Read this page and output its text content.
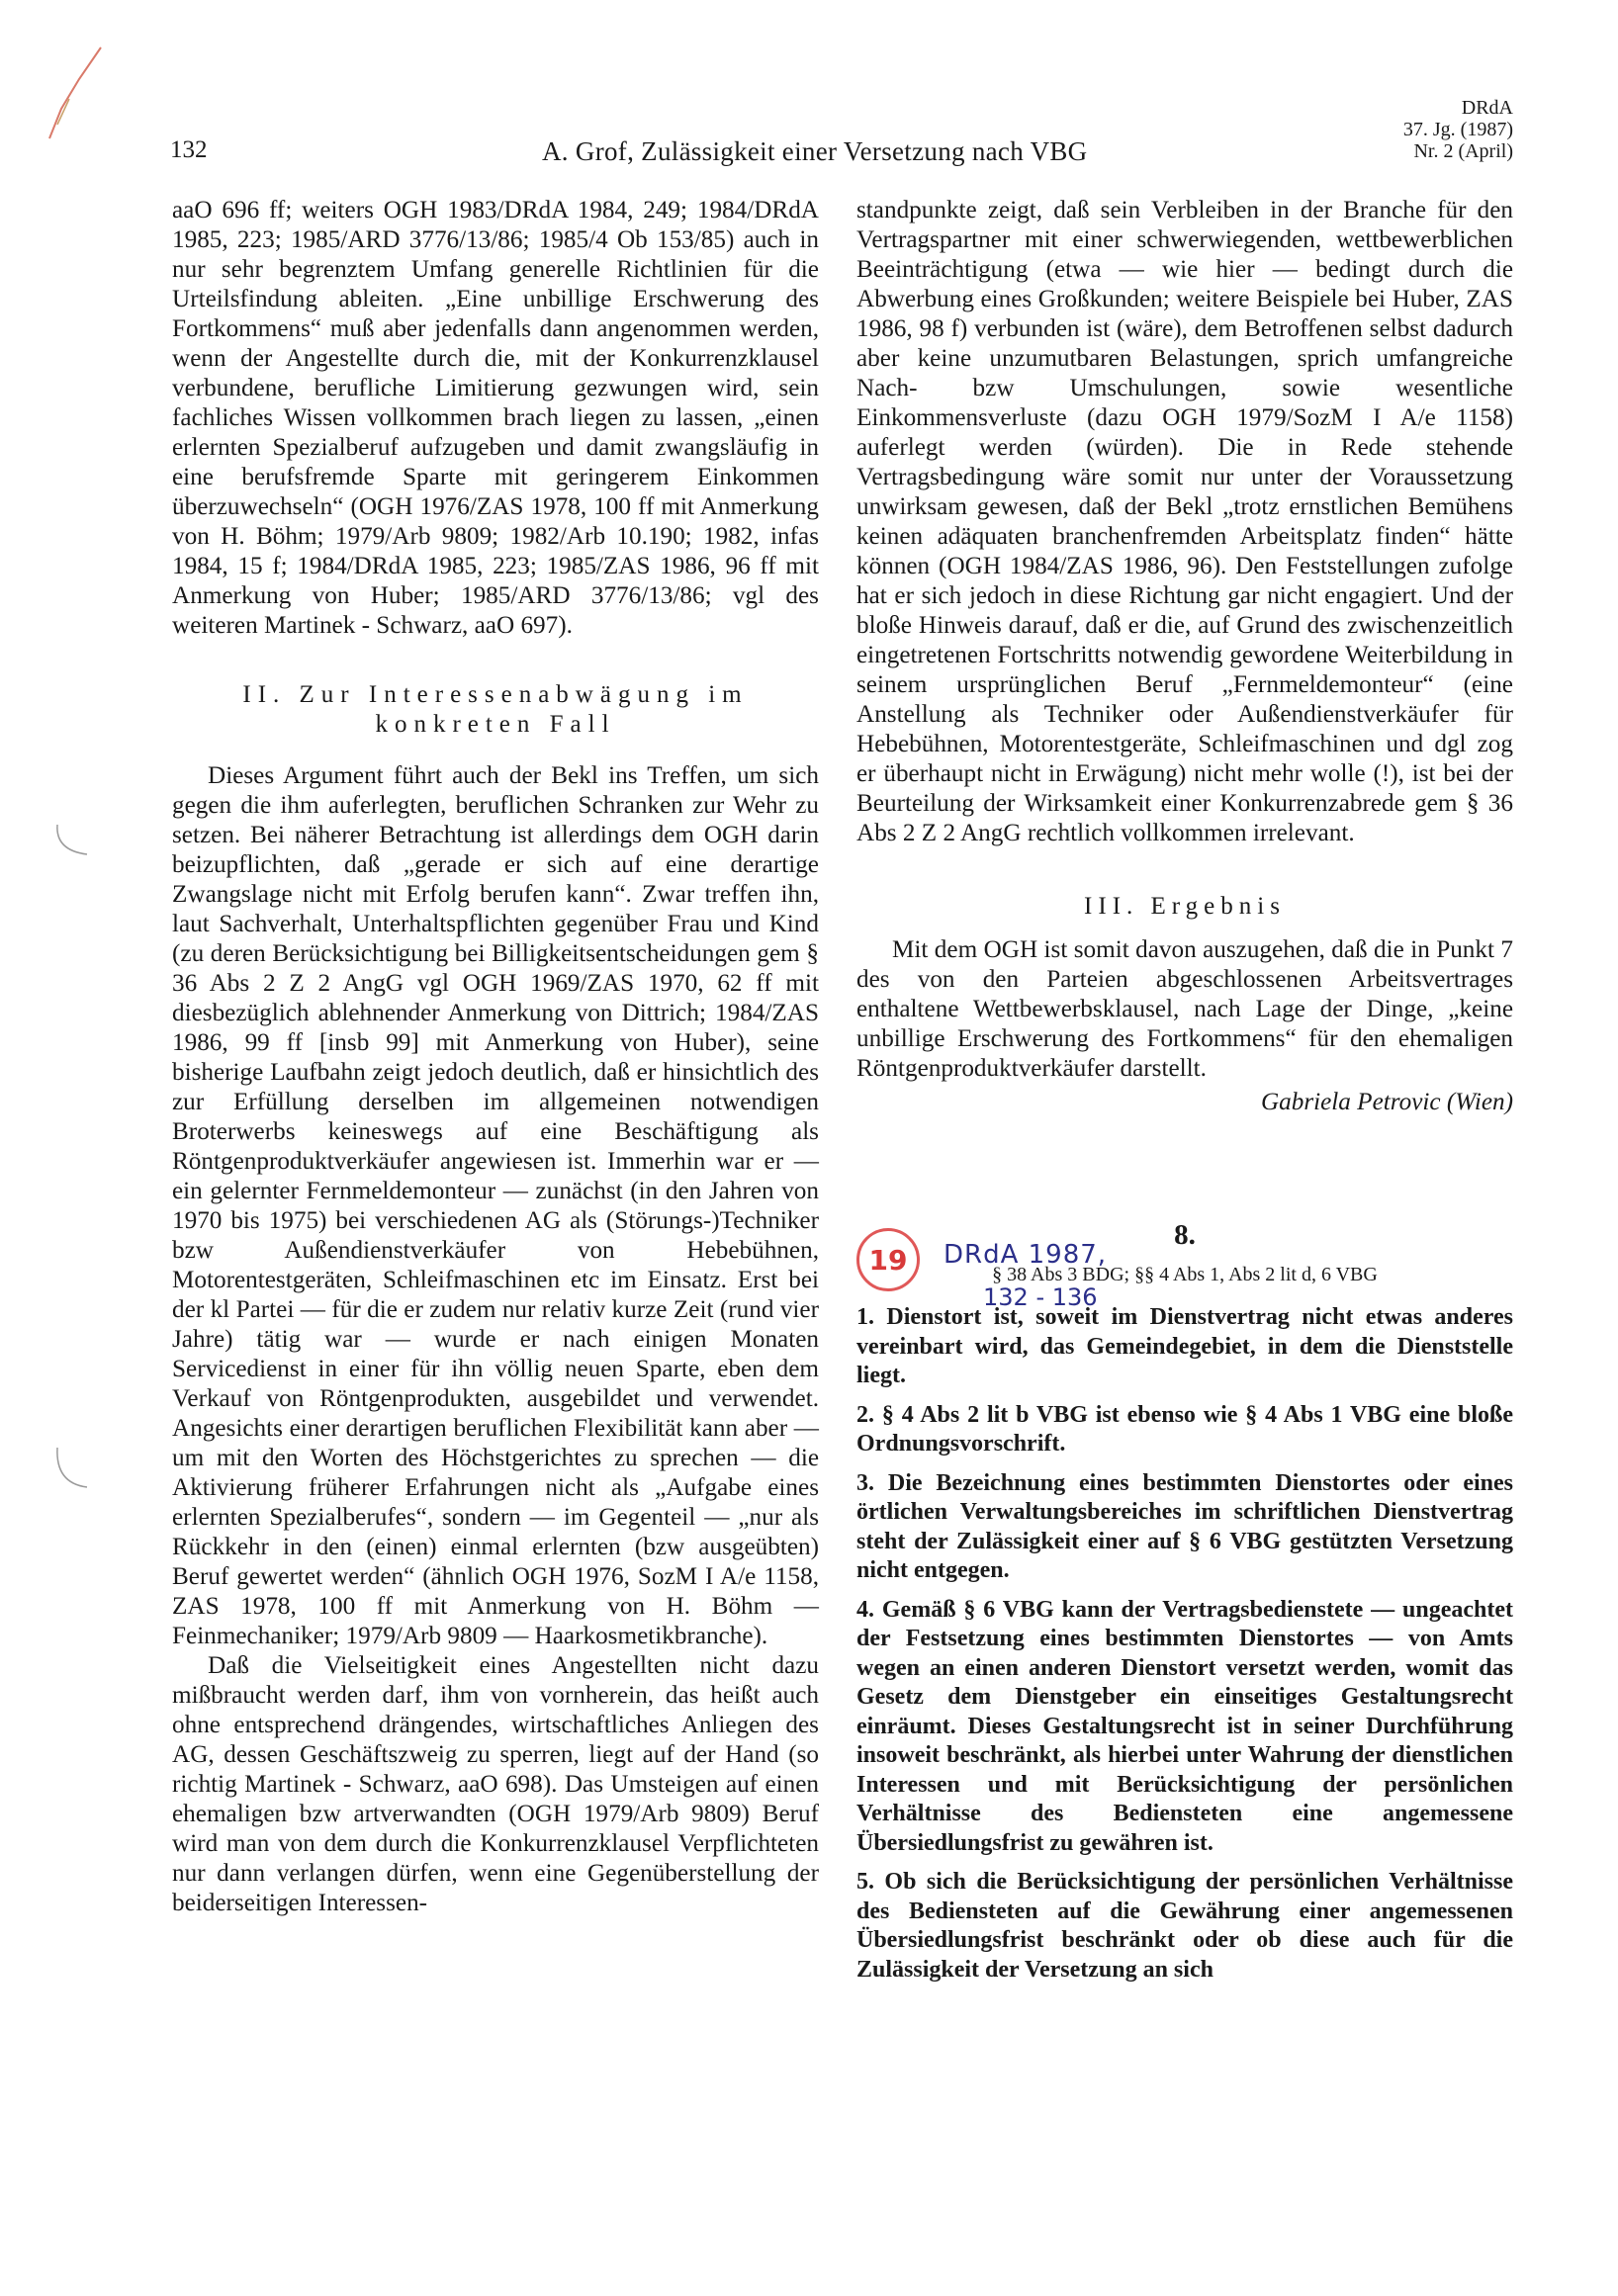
132	A. Grof, Zulässigkeit einer Versetzung nach VBG
DRdA
37. Jg. (1987)
Nr. 2 (April)

aaO 696 ff; weiters OGH 1983/DRdA 1984, 249; 1984/DRdA 1985, 223; 1985/ARD 3776/13/86; 1985/4 Ob 153/85) auch in nur sehr begrenztem Umfang generelle Richtlinien für die Urteilsfindung ableiten. „Eine unbillige Erschwerung des Fortkommens“ muß aber jedenfalls dann angenommen werden, wenn der Angestellte durch die, mit der Konkurrenzklausel verbundene, berufliche Limitierung gezwungen wird, sein fachliches Wissen vollkommen brach liegen zu lassen, „einen erlernten Spezialberuf aufzugeben und damit zwangsläufig in eine berufsfremde Sparte mit geringerem Einkommen überzuwechseln“ (OGH 1976/ZAS 1978, 100 ff mit Anmerkung von H. Böhm; 1979/Arb 9809; 1982/Arb 10.190; 1982, infas 1984, 15 f; 1984/DRdA 1985, 223; 1985/ZAS 1986, 96 ff mit Anmerkung von Huber; 1985/ARD 3776/13/86; vgl des weiteren Martinek - Schwarz, aaO 697).

II. Zur Interessenabwägung im konkreten Fall

Dieses Argument führt auch der Bekl ins Treffen, um sich gegen die ihm auferlegten, beruflichen Schranken zur Wehr zu setzen. Bei näherer Betrachtung ist allerdings dem OGH darin beizupflichten, daß „gerade er sich auf eine derartige Zwangslage nicht mit Erfolg berufen kann“. Zwar treffen ihn, laut Sachverhalt, Unterhaltspflichten gegenüber Frau und Kind (zu deren Berücksichtigung bei Billigkeitsentscheidungen gem § 36 Abs 2 Z 2 AngG vgl OGH 1969/ZAS 1970, 62 ff mit diesbezüglich ablehnender Anmerkung von Dittrich; 1984/ZAS 1986, 99 ff [insb 99] mit Anmerkung von Huber), seine bisherige Laufbahn zeigt jedoch deutlich, daß er hinsichtlich des zur Erfüllung derselben im allgemeinen notwendigen Broterwerbs keineswegs auf eine Beschäftigung als Röntgenproduktverkäufer angewiesen ist. Immerhin war er — ein gelernter Fernmeldemonteur — zunächst (in den Jahren von 1970 bis 1975) bei verschiedenen AG als (Störungs-)Techniker bzw Außendienstverkäufer von Hebebühnen, Motorentestgeräten, Schleifmaschinen etc im Einsatz. Erst bei der kl Partei — für die er zudem nur relativ kurze Zeit (rund vier Jahre) tätig war — wurde er nach einigen Monaten Servicedienst in einer für ihn völlig neuen Sparte, eben dem Verkauf von Röntgenprodukten, ausgebildet und verwendet. Angesichts einer derartigen beruflichen Flexibilität kann aber — um mit den Worten des Höchstgerichtes zu sprechen — die Aktivierung früherer Erfahrungen nicht als „Aufgabe eines erlernten Spezialberufes“, sondern — im Gegenteil — „nur als Rückkehr in den (einen) einmal erlernten (bzw ausgeübten) Beruf gewertet werden“ (ähnlich OGH 1976, SozM I A/e 1158, ZAS 1978, 100 ff mit Anmerkung von H. Böhm — Feinmechaniker; 1979/Arb 9809 — Haarkosmetikbranche).

Daß die Vielseitigkeit eines Angestellten nicht dazu mißbraucht werden darf, ihm von vornherein, das heißt auch ohne entsprechend drängendes, wirtschaftliches Anliegen des AG, dessen Geschäftszweig zu sperren, liegt auf der Hand (so richtig Martinek - Schwarz, aaO 698). Das Umsteigen auf einen ehemaligen bzw artverwandten (OGH 1979/Arb 9809) Beruf wird man von dem durch die Konkurrenzklausel Verpflichteten nur dann verlangen dürfen, wenn eine Gegenüberstellung der beiderseitigen Interessen-

standpunkte zeigt, daß sein Verbleiben in der Branche für den Vertragspartner mit einer schwerwiegenden, wettbewerblichen Beeinträchtigung (etwa — wie hier — bedingt durch die Abwerbung eines Großkunden; weitere Beispiele bei Huber, ZAS 1986, 98 f) verbunden ist (wäre), dem Betroffenen selbst dadurch aber keine unzumutbaren Belastungen, sprich umfangreiche Nach- bzw Umschulungen, sowie wesentliche Einkommensverluste (dazu OGH 1979/SozM I A/e 1158) auferlegt werden (würden). Die in Rede stehende Vertragsbedingung wäre somit nur unter der Voraussetzung unwirksam gewesen, daß der Bekl „trotz ernstlichen Bemühens keinen adäquaten branchenfremden Arbeitsplatz finden“ hätte können (OGH 1984/ZAS 1986, 96). Den Feststellungen zufolge hat er sich jedoch in diese Richtung gar nicht engagiert. Und der bloße Hinweis darauf, daß er die, auf Grund des zwischenzeitlich eingetretenen Fortschritts notwendig gewordene Weiterbildung in seinem ursprünglichen Beruf „Fernmeldemonteur“ (eine Anstellung als Techniker oder Außendienstverkäufer für Hebebühnen, Motorentestgeräte, Schleifmaschinen und dgl zog er überhaupt nicht in Erwägung) nicht mehr wolle (!), ist bei der Beurteilung der Wirksamkeit einer Konkurrenzabrede gem § 36 Abs 2 Z 2 AngG rechtlich vollkommen irrelevant.

III. Ergebnis

Mit dem OGH ist somit davon auszugehen, daß die in Punkt 7 des von den Parteien abgeschlossenen Arbeitsvertrages enthaltene Wettbewerbsklausel, nach Lage der Dinge, „keine unbillige Erschwerung des Fortkommens“ für den ehemaligen Röntgenproduktverkäufer darstellt.

Gabriela Petrovic (Wien)
8.
§ 38 Abs 3 BDG; §§ 4 Abs 1, Abs 2 lit d, 6 VBG

1. Dienstort ist, soweit im Dienstvertrag nicht etwas anderes vereinbart wird, das Gemeindegebiet, in dem die Dienststelle liegt.

2. § 4 Abs 2 lit b VBG ist ebenso wie § 4 Abs 1 VBG eine bloße Ordnungsvorschrift.

3. Die Bezeichnung eines bestimmten Dienstortes oder eines örtlichen Verwaltungsbereiches im schriftlichen Dienstvertrag steht der Zulässigkeit einer auf § 6 VBG gestützten Versetzung nicht entgegen.

4. Gemäß § 6 VBG kann der Vertragsbedienstete — ungeachtet der Festsetzung eines bestimmten Dienstortes — von Amts wegen an einen anderen Dienstort versetzt werden, womit das Gesetz dem Dienstgeber ein einseitiges Gestaltungsrecht einräumt. Dieses Gestaltungsrecht ist in seiner Durchführung insoweit beschränkt, als hierbei unter Wahrung der dienstlichen Interessen und mit Berücksichtigung der persönlichen Verhältnisse des Bediensteten eine angemessene Übersiedlungsfrist zu gewähren ist.

5. Ob sich die Berücksichtigung der persönlichen Verhältnisse des Bediensteten auf die Gewährung einer angemessenen Übersiedlungsfrist beschränkt oder ob diese auch für die Zulässigkeit der Versetzung an sich

19	DRdA 1987,
132 - 136
